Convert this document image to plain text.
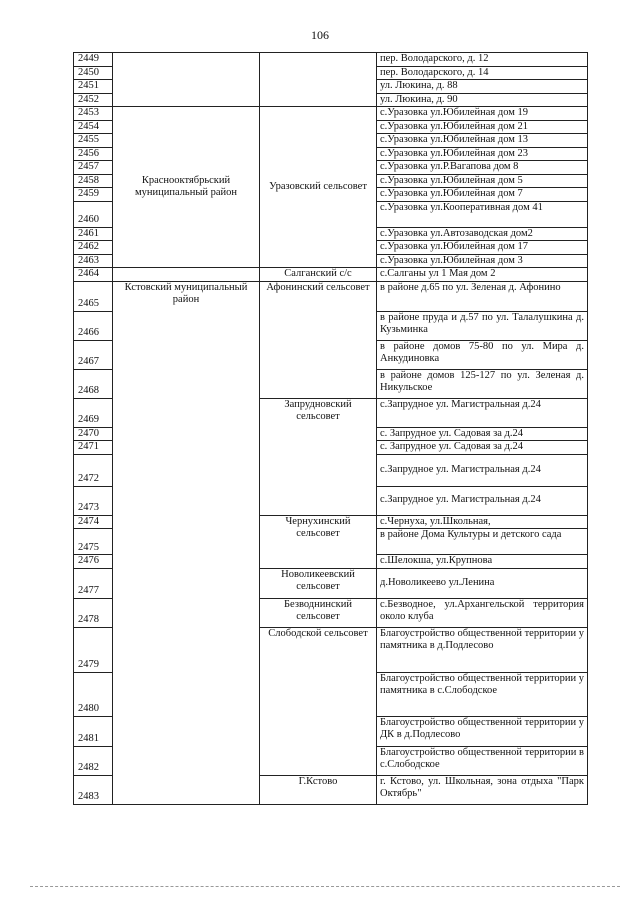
106
2449			пер. Володарского, д. 12
2450			пер. Володарского, д. 14
2451			ул. Люкина, д. 88
2452			ул. Люкина, д. 90
2453	Краснооктябрьский муниципальный район	Уразовский сельсовет	с.Уразовка ул.Юбилейная дом 19
2454			с.Уразовка ул.Юбилейная дом 21
2455			с.Уразовка ул.Юбилейная дом 13
2456			с.Уразовка ул.Юбилейная дом 23
2457			с.Уразовка ул.Р.Вагапова дом 8
2458			с.Уразовка ул.Юбилейная дом 5
2459			с.Уразовка ул.Юбилейная дом 7
2460			с.Уразовка ул.Кооперативная дом 41
2461			с.Уразовка ул.Автозаводская дом2
2462			с.Уразовка ул.Юбилейная дом 17
2463			с.Уразовка ул.Юбилейная дом 3
2464		Салганский с/с	с.Салганы ул 1 Мая дом 2
2465	Кстовский муниципальный район	Афонинский сельсовет	в районе д.65 по ул. Зеленая д. Афонино
2466			в районе пруда и д.57 по ул. Талалушкина д. Кузьминка
2467			в районе домов 75-80 по ул. Мира д. Анкудиновка
2468			в районе домов 125-127 по ул. Зеленая д. Никульское
2469		Запрудновский сельсовет	с.Запрудное ул. Магистральная д.24
2470			с. Запрудное ул. Садовая за д.24
2471			с. Запрудное ул. Садовая за д.24
2472			с.Запрудное ул. Магистральная д.24
2473			с.Запрудное ул. Магистральная д.24
2474		Чернухинский сельсовет	с.Чернуха, ул.Школьная,
2475			в районе Дома Культуры и детского сада
2476			с.Шелокша, ул.Крупнова
2477		Новоликеевский сельсовет	д.Новоликеево ул.Ленина
2478		Безводнинский сельсовет	с.Безводное, ул.Архангельской территория около клуба
2479		Слободской сельсовет	Благоустройство общественной территории у памятника в д.Подлесово
2480			Благоустройство общественной территории у памятника в с.Слободское
2481			Благоустройство общественной территории у ДК в д.Подлесово
2482			Благоустройство общественной территории в с.Слободское
2483		Г.Кстово	г. Кстово, ул. Школьная, зона отдыха "Парк Октябрь"
